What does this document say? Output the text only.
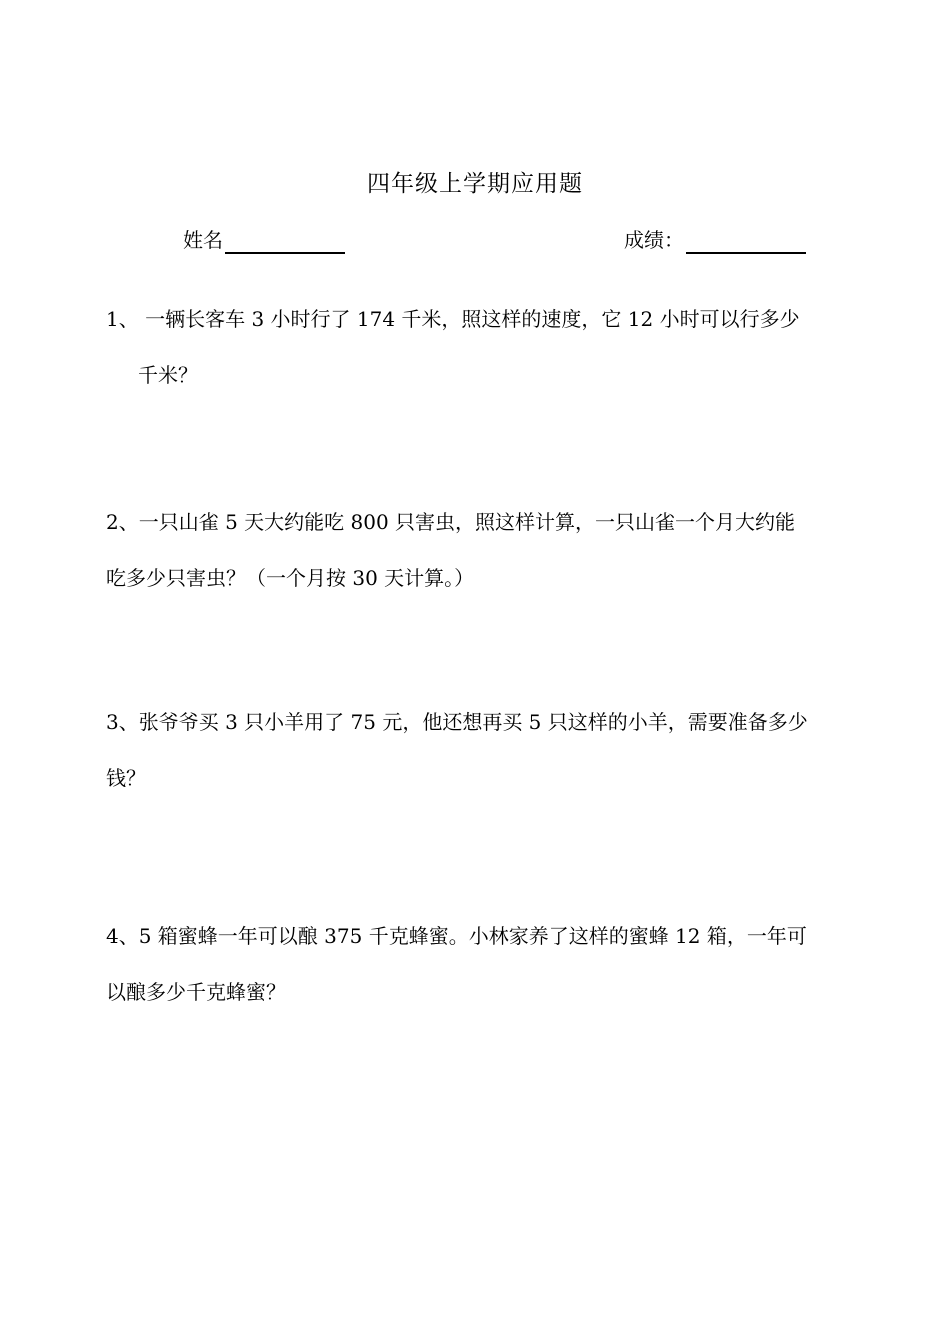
四年级上学期应用题
姓名	成绩：
1、 一辆长客车 3 小时行了 174 千米，照这样的速度，它 12 小时可以行多少
千米？
2、一只山雀 5 天大约能吃 800 只害虫，照这样计算，一只山雀一个月大约能
吃多少只害虫？（一个月按 30 天计算。）
3、张爷爷买 3 只小羊用了 75 元，他还想再买 5 只这样的小羊，需要准备多少
钱？
4、5 箱蜜蜂一年可以酿 375 千克蜂蜜。小林家养了这样的蜜蜂 12 箱，一年可
以酿多少千克蜂蜜？
